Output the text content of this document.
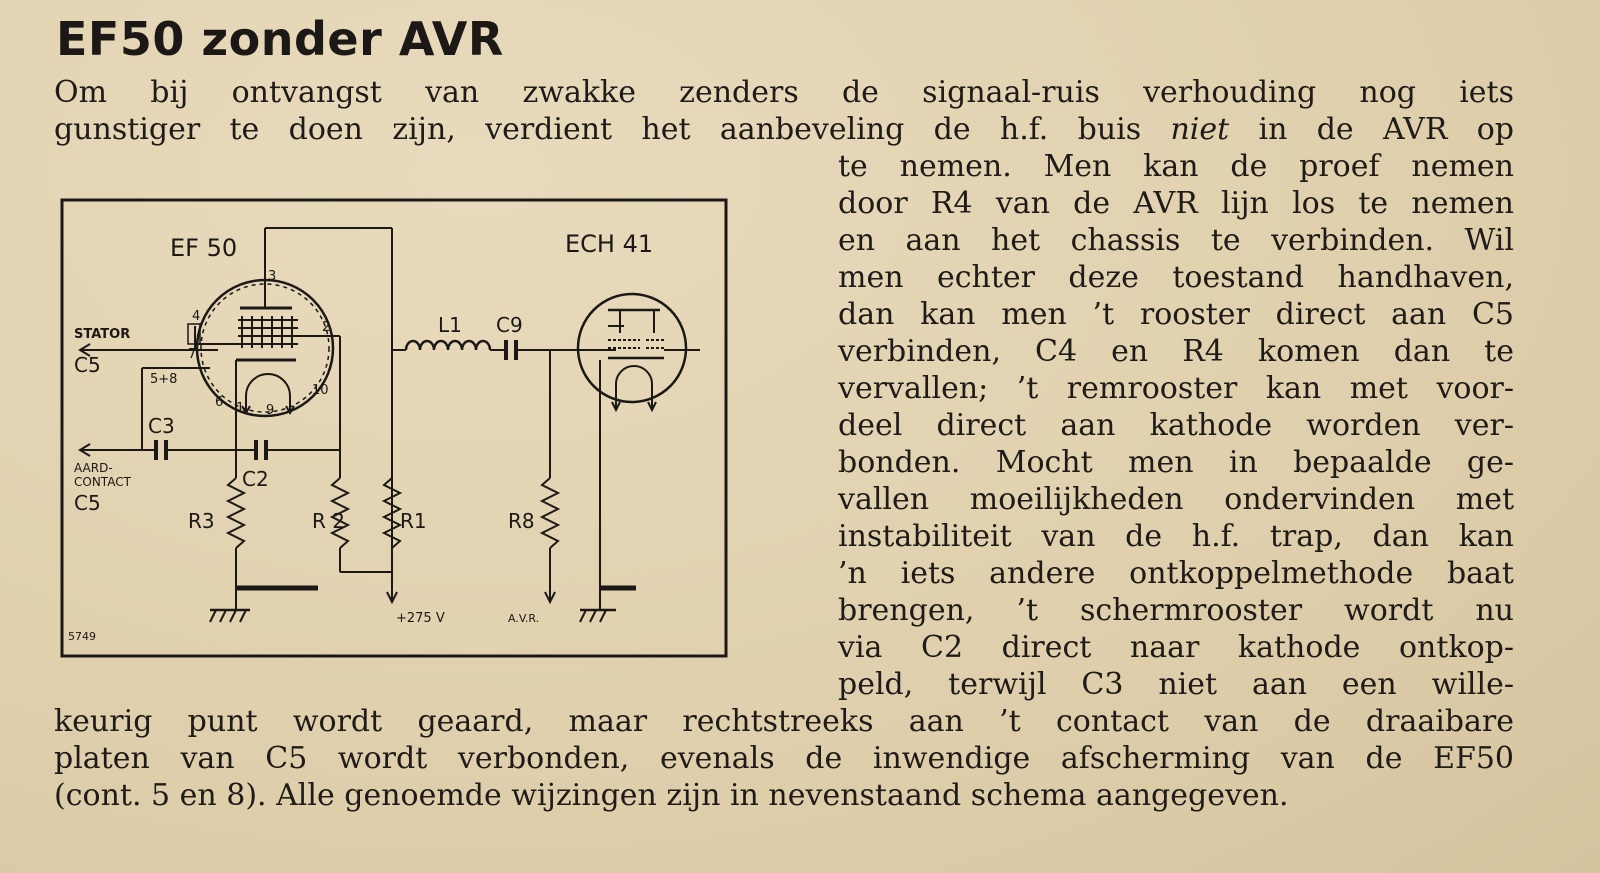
EF50 zonder AVR
Om bij ontvangst van zwakke zenders de signaal-ruis verhouding nog iets
gunstiger te doen zijn, verdient het aanbeveling de h.f. buis niet in de AVR op
te nemen. Men kan de proef nemen
door R4 van de AVR lijn los te nemen
en aan het chassis te verbinden. Wil
men echter deze toestand handhaven,
dan kan men ’t rooster direct aan C5
verbinden, C4 en R4 komen dan te
vervallen; ’t remrooster kan met voor-
deel direct aan kathode worden ver-
bonden. Mocht men in bepaalde ge-
vallen moeilijkheden ondervinden met
instabiliteit van de h.f. trap, dan kan
’n iets andere ontkoppelmethode baat
brengen, ’t schermrooster wordt nu
via C2 direct naar kathode ontkop-
peld, terwijl C3 niet aan een wille-
keurig punt wordt geaard, maar rechtstreeks aan ’t contact van de draaibare
platen van C5 wordt verbonden, evenals de inwendige afscherming van de EF50
(cont. 5 en 8). Alle genoemde wijzingen zijn in nevenstaand schema aangegeven.
EF 50	ECH 41
STATOR
C5
AARD-
CONTACT
C5
3
4
2
7
5+8
6 1 9
10
L1 C9
C3
C2
R3	R 2	R1	R8
+275 V	A.V.R.
5749
